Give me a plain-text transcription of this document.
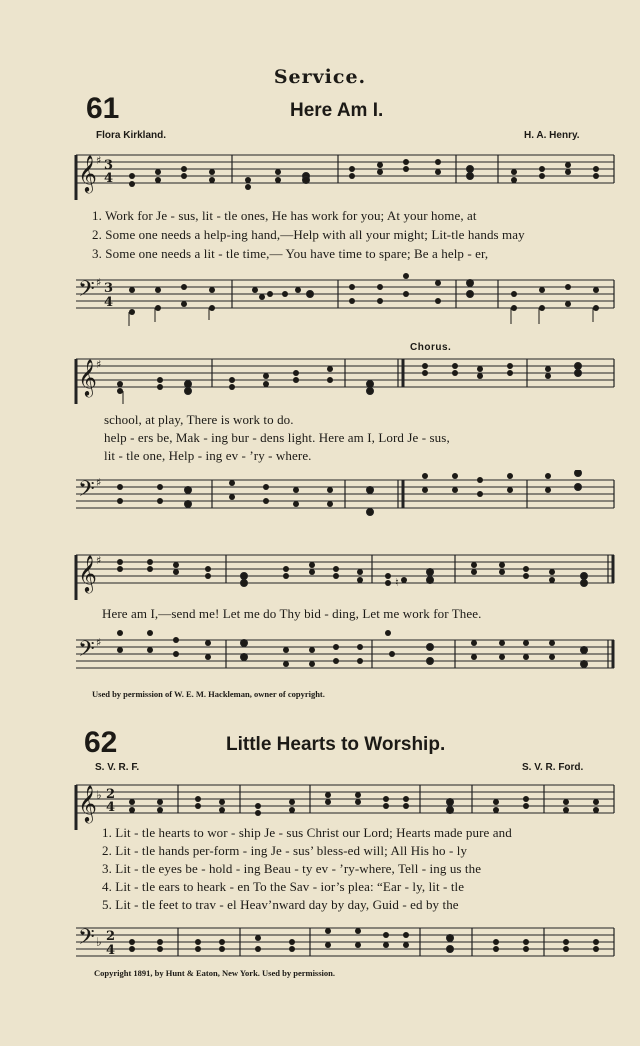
Service.
61	Here Am I.
Flora Kirkland.	H. A. Henry.
𝄞 ♯ 3
4
1. Work for Je - sus, lit - tle ones, He has work for you; At your home, at
2. Some one needs a help-ing hand,—Help with all your might; Lit-tle hands may
3. Some one needs a lit - tle time,— You have time to spare; Be a help - er,
𝄢 ♯ 3
4
Chorus.
𝄞 ♯
school, at play, There is work to do.
help - ers be, Mak - ing bur - dens light. Here am I, Lord Je - sus,
lit - tle one, Help - ing ev - ’ry - where.
𝄢 ♯
𝄞 ♯
♮
Here am I,—send me! Let me do Thy bid - ding, Let me work for Thee.
𝄢 ♯
Used by permission of W. E. M. Hackleman, owner of copyright.
62	Little Hearts to Worship.
S. V. R. F.	S. V. R. Ford.
𝄞 ♭ 2
4
1. Lit - tle hearts to wor - ship Je - sus Christ our Lord; Hearts made pure and
2. Lit - tle hands per-form - ing Je - sus’ bless-ed will; All His ho - ly
3. Lit - tle eyes be - hold - ing Beau - ty ev - ’ry-where, Tell - ing us the
4. Lit - tle ears to heark - en To the Sav - ior’s plea: “Ear - ly, lit - tle
5. Lit - tle feet to trav - el Heav’nward day by day, Guid - ed by the
𝄢 ♭ 2
4
Copyright 1891, by Hunt & Eaton, New York. Used by permission.
